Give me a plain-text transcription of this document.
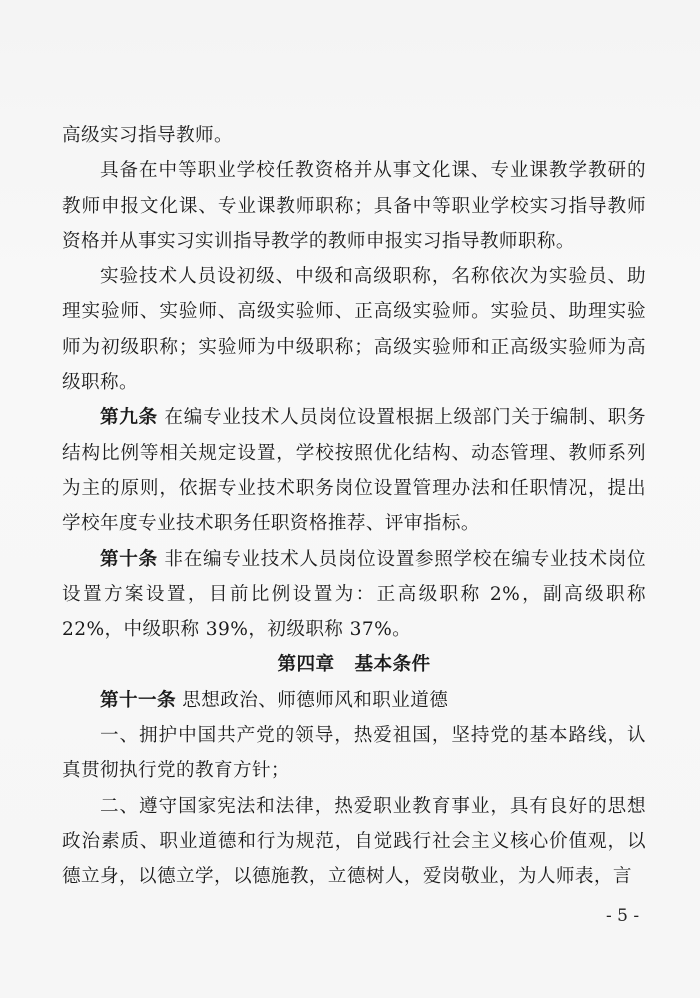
高级实习指导教师。

具备在中等职业学校任教资格并从事文化课、专业课教学教研的教师申报文化课、专业课教师职称；具备中等职业学校实习指导教师资格并从事实习实训指导教学的教师申报实习指导教师职称。

实验技术人员设初级、中级和高级职称，名称依次为实验员、助理实验师、实验师、高级实验师、正高级实验师。实验员、助理实验师为初级职称；实验师为中级职称；高级实验师和正高级实验师为高级职称。

第九条 在编专业技术人员岗位设置根据上级部门关于编制、职务结构比例等相关规定设置，学校按照优化结构、动态管理、教师系列为主的原则，依据专业技术职务岗位设置管理办法和任职情况，提出学校年度专业技术职务任职资格推荐、评审指标。

第十条 非在编专业技术人员岗位设置参照学校在编专业技术岗位设置方案设置，目前比例设置为：正高级职称 2%，副高级职称 22%，中级职称 39%，初级职称 37%。

第四章 基本条件

第十一条 思想政治、师德师风和职业道德

一、拥护中国共产党的领导，热爱祖国，坚持党的基本路线，认真贯彻执行党的教育方针；

二、遵守国家宪法和法律，热爱职业教育事业，具有良好的思想政治素质、职业道德和行为规范，自觉践行社会主义核心价值观，以德立身，以德立学，以德施教，立德树人，爱岗敬业，为人师表，言

- 5 -
